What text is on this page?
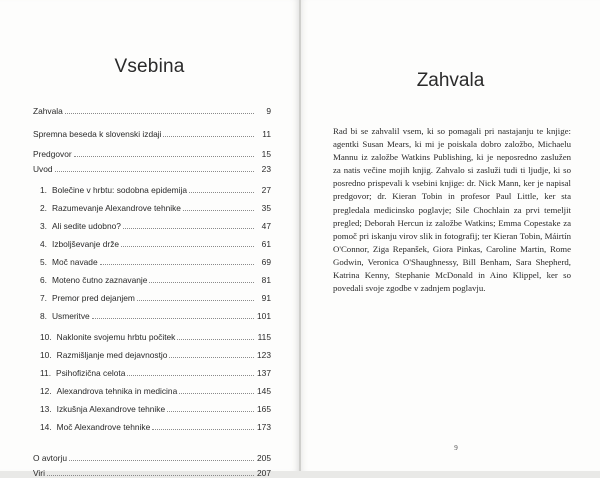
Vsebina
Zahvala	9
Spremna beseda k slovenski izdaji	11
Predgovor	15
Uvod	23
1. Bolečine v hrbtu: sodobna epidemija	27
2. Razumevanje Alexandrove tehnike	35
3. Ali sedite udobno?	47
4. Izboljševanje drže	61
5. Moč navade	69
6. Moteno čutno zaznavanje	81
7. Premor pred dejanjem	91
8. Usmeritve	101
10. Naklonite svojemu hrbtu počitek	115
10. Razmišljanje med dejavnostjo	123
11. Psihofizična celota	137
12. Alexandrova tehnika in medicina	145
13. Izkušnja Alexandrove tehnike	165
14. Moč Alexandrove tehnike	173
O avtorju	205
Viri	207
Zahvala

Rad bi se zahvalil vsem, ki so pomagali pri nastajanju te knjige: agentki Susan Mears, ki mi je poiskala dobro založbo, Michaelu Mannu iz založbe Watkins Publishing, ki je neposredno zaslužen za natis večine mojih knjig. Zahvalo si zasluži tudi ti ljudje, ki so posredno prispevali k vsebini knjige: dr. Nick Mann, ker je napisal predgovor; dr. Kieran Tobin in profesor Paul Little, ker sta pregledala medicinsko poglavje; Sile Chochlain za prvi temeljit pregled; Deborah Hercun iz založbe Watkins; Emma Copestake za pomoč pri iskanju virov slik in fotografij; ter Kieran Tobin, Máirtín O'Connor, Ziga Repanšek, Giora Pinkas, Caroline Martin, Rome Godwin, Veronica O'Shaughnessy, Bill Benham, Sara Shepherd, Katrina Kenny, Stephanie McDonald in Aino Klippel, ker so povedali svoje zgodbe v zadnjem poglavju.

9
